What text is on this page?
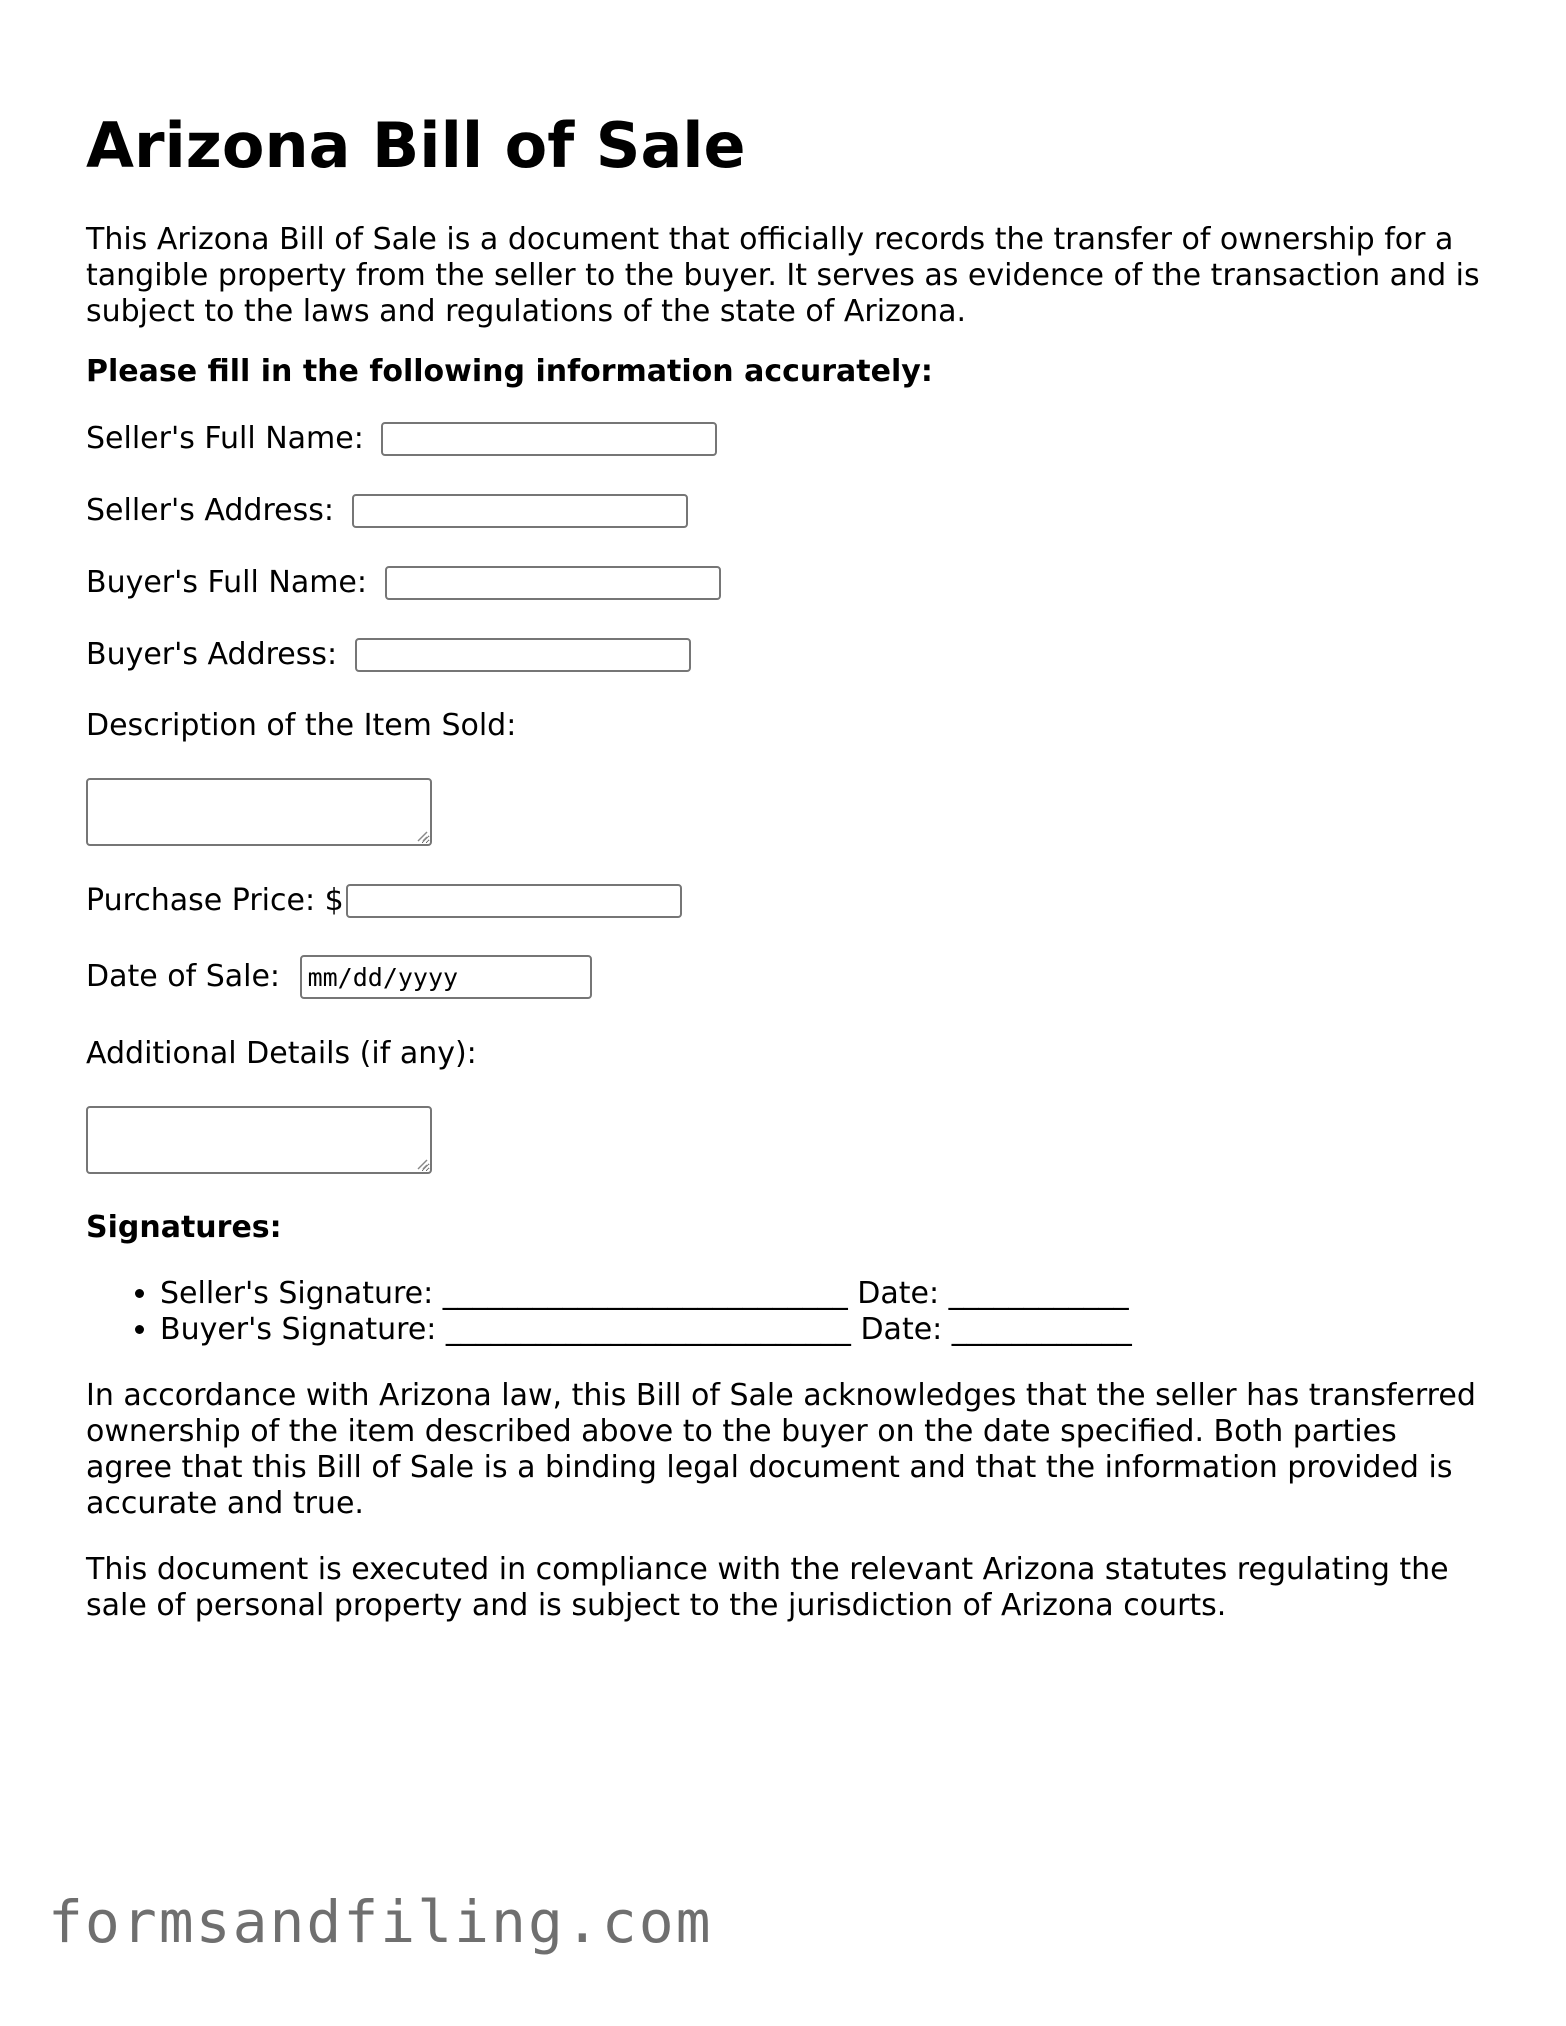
Arizona Bill of Sale

This Arizona Bill of Sale is a document that officially records the transfer of ownership for a tangible property from the seller to the buyer. It serves as evidence of the transaction and is subject to the laws and regulations of the state of Arizona.

Please fill in the following information accurately:
Seller's Full Name:
Seller's Address:
Buyer's Full Name:
Buyer's Address:
Description of the Item Sold:
Purchase Price: $
Date of Sale:
mm/dd/yyyy
Additional Details (if any):
Signatures:
• Seller's Signature: ___________________________ Date: ____________
• Buyer's Signature: ___________________________ Date: ____________

In accordance with Arizona law, this Bill of Sale acknowledges that the seller has transferred ownership of the item described above to the buyer on the date specified. Both parties agree that this Bill of Sale is a binding legal document and that the information provided is accurate and true.

This document is executed in compliance with the relevant Arizona statutes regulating the sale of personal property and is subject to the jurisdiction of Arizona courts.

formsandfiling.com
